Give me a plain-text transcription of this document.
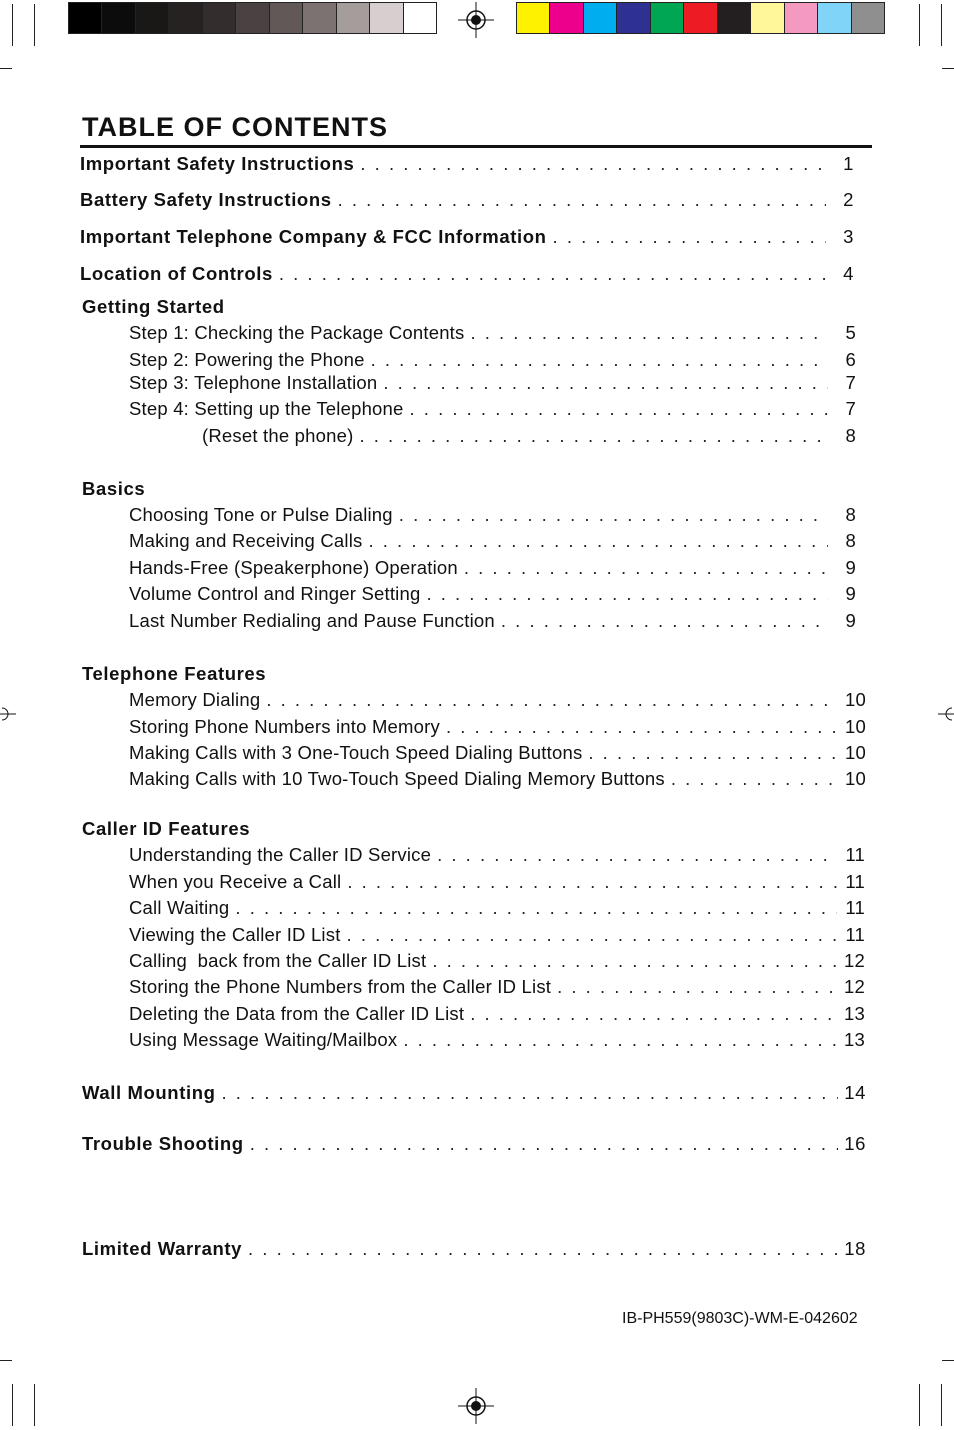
TABLE OF CONTENTS
Important Safety Instructions . . .	1
Battery Safety Instructions . . .	2
Important Telephone Company & FCC Information . . .	3
Location of Controls . . .	4
Getting Started
Step 1: Checking the Package Contents . . .	5
Step 2: Powering the Phone . . .	6
Step 3: Telephone Installation . . .	7
Step 4: Setting up the Telephone . . .	7
(Reset the phone) . . .	8
Basics
Choosing Tone or Pulse Dialing . . .	8
Making and Receiving Calls . . .	8
Hands-Free (Speakerphone) Operation . . .	9
Volume Control and Ringer Setting . . .	9
Last Number Redialing and Pause Function . . .	9
Telephone Features
Memory Dialing . . .	10
Storing Phone Numbers into Memory . . .	10
Making Calls with 3 One-Touch Speed Dialing Buttons . . .	10
Making Calls with 10 Two-Touch Speed Dialing Memory Buttons . . .	10
Caller ID Features
Understanding the Caller ID Service . . .	11
When you Receive a Call . . .	11
Call Waiting . . .	11
Viewing the Caller ID List . . .	11
Calling  back from the Caller ID List . . .	12
Storing the Phone Numbers from the Caller ID List . . .	12
Deleting the Data from the Caller ID List . . .	13
Using Message Waiting/Mailbox . . .	13
Wall Mounting . . .	14
Trouble Shooting . . .	16
Limited Warranty . . .	18
IB-PH559(9803C)-WM-E-042602
